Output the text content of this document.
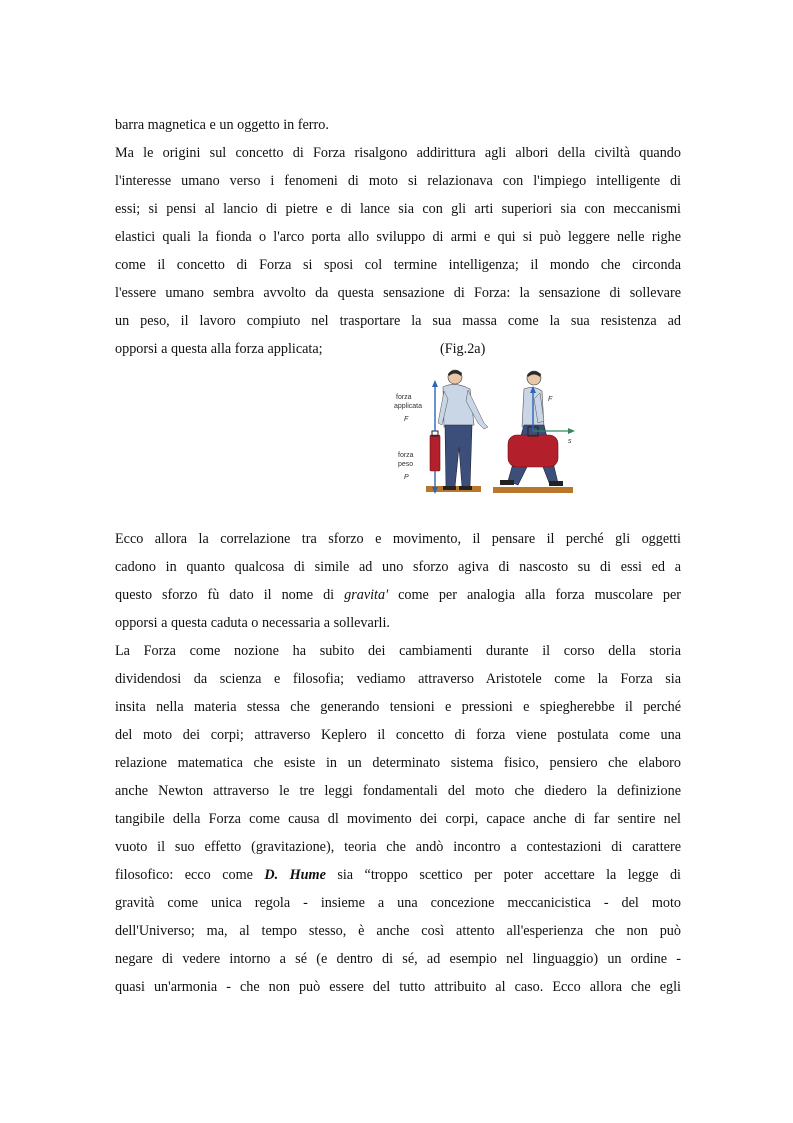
barra magnetica e un oggetto in ferro.
Ma le origini sul concetto di Forza risalgono addirittura agli albori della civiltà quando
l'interesse umano verso i fenomeni di moto si relazionava con l'impiego intelligente di
essi; si pensi al lancio di pietre e di lance sia con gli arti superiori sia con meccanismi
elastici quali la fionda o l'arco porta allo sviluppo di armi e qui si può leggere nelle righe
come il concetto di Forza si sposi col termine intelligenza; il mondo che circonda
l'essere umano sembra avvolto da questa sensazione di Forza: la sensazione di sollevare
un peso, il lavoro compiuto nel trasportare la sua massa come la sua resistenza ad
opporsi a questa alla forza applicata;	(Fig.2a)
forza
applicata
F
forza
peso
P
F
s
Ecco allora la correlazione tra sforzo e movimento, il pensare il perché gli oggetti
cadono in quanto qualcosa di simile ad uno sforzo agiva di nascosto su di essi ed a
questo sforzo fù dato il nome di gravita' come per analogia alla forza muscolare per
opporsi a questa caduta o necessaria a sollevarli.
La Forza come nozione ha subito dei cambiamenti durante il corso della storia
dividendosi da scienza e filosofia; vediamo attraverso Aristotele come la Forza sia
insita nella materia stessa che generando tensioni e pressioni e spiegherebbe il perché
del moto dei corpi; attraverso Keplero il concetto di forza viene postulata come una
relazione matematica che esiste in un determinato sistema fisico, pensiero che elaboro
anche Newton attraverso le tre leggi fondamentali del moto che diedero la definizione
tangibile della Forza come causa dl movimento dei corpi, capace anche di far sentire nel
vuoto il suo effetto (gravitazione), teoria che andò incontro a contestazioni di carattere
filosofico: ecco come D. Hume sia “troppo scettico per poter accettare la legge di
gravità come unica regola - insieme a una concezione meccanicistica - del moto
dell'Universo; ma, al tempo stesso, è anche così attento all'esperienza che non può
negare di vedere intorno a sé (e dentro di sé, ad esempio nel linguaggio) un ordine -
quasi un'armonia - che non può essere del tutto attribuito al caso. Ecco allora che egli
